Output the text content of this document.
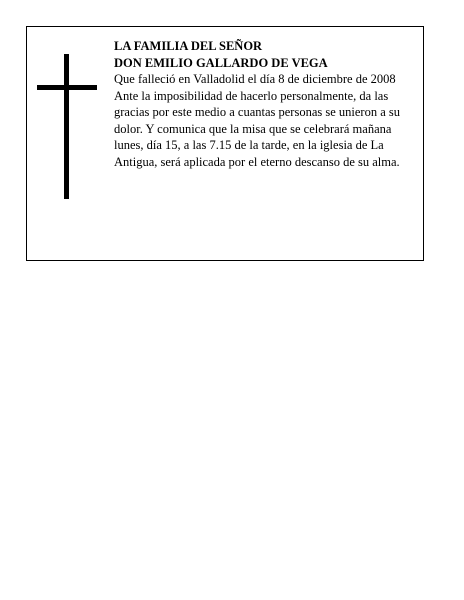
LA FAMILIA DEL SEÑOR

DON EMILIO GALLARDO DE VEGA

Que falleció en Valladolid el día 8 de diciembre de 2008

Ante la imposibilidad de hacerlo personalmente, da las gracias por este medio a cuantas personas se unieron a su dolor. Y comunica que la misa que se celebrará mañana lunes, día 15, a las 7.15 de la tarde, en la iglesia de La Antigua, será aplicada por el eterno descanso de su alma.
